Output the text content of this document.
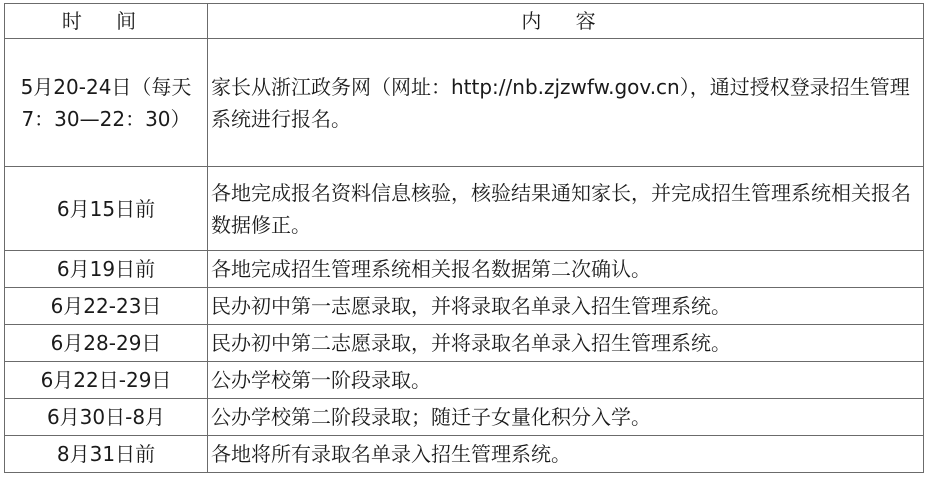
时 间	内 容
5月20-24日（每天7：30—22：30）	家长从浙江政务网（网址：http://nb.zjzwfw.gov.cn），通过授权登录招生管理系统进行报名。
6月15日前	各地完成报名资料信息核验，核验结果通知家长，并完成招生管理系统相关报名数据修正。
6月19日前	各地完成招生管理系统相关报名数据第二次确认。
6月22-23日	民办初中第一志愿录取，并将录取名单录入招生管理系统。
6月28-29日	民办初中第二志愿录取，并将录取名单录入招生管理系统。
6月22日-29日	公办学校第一阶段录取。
6月30日-8月	公办学校第二阶段录取；随迁子女量化积分入学。
8月31日前	各地将所有录取名单录入招生管理系统。
